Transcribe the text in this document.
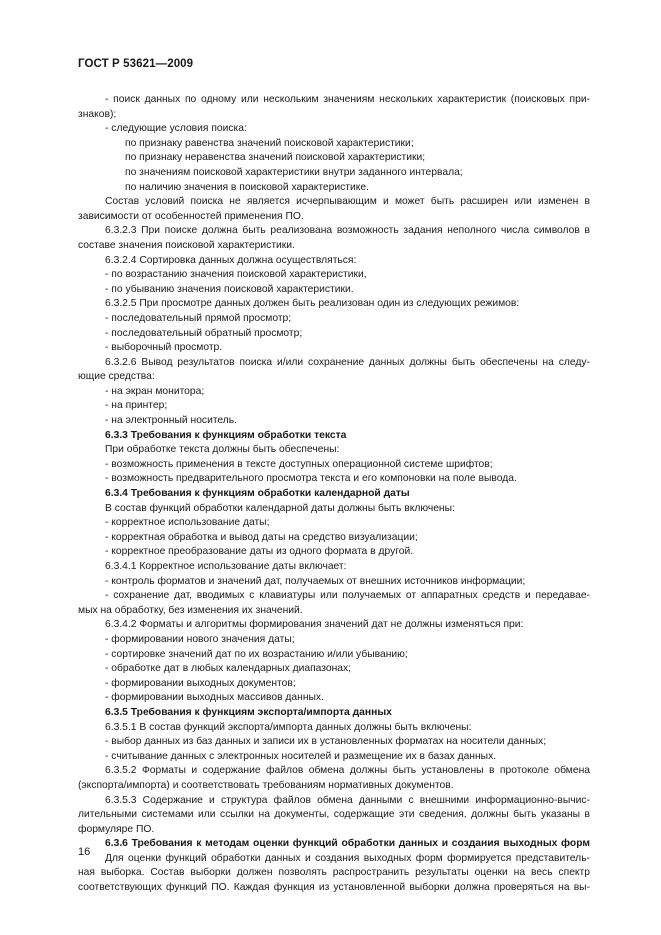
ГОСТ Р 53621—2009
- поиск данных по одному или нескольким значениям нескольких характеристик (поисковых при-
знаков);
- следующие условия поиска:
по признаку равенства значений поисковой характеристики;
по признаку неравенства значений поисковой характеристики;
по значениям поисковой характеристики внутри заданного интервала;
по наличию значения в поисковой характеристике.
Состав условий поиска не является исчерпывающим и может быть расширен или изменен в
зависимости от особенностей применения ПО.
6.3.2.3 При поиске должна быть реализована возможность задания неполного числа символов в
составе значения поисковой характеристики.
6.3.2.4 Сортировка данных должна осуществляться:
- по возрастанию значения поисковой характеристики,
- по убыванию значения поисковой характеристики.
6.3.2.5 При просмотре данных должен быть реализован один из следующих режимов:
- последовательный прямой просмотр;
- последовательный обратный просмотр;
- выборочный просмотр.
6.3.2.6 Вывод результатов поиска и/или сохранение данных должны быть обеспечены на следу-
ющие средства:
- на экран монитора;
- на принтер;
- на электронный носитель.
6.3.3 Требования к функциям обработки текста
При обработке текста должны быть обеспечены:
- возможность применения в тексте доступных операционной системе шрифтов;
- возможность предварительного просмотра текста и его компоновки на поле вывода.
6.3.4 Требования к функциям обработки календарной даты
В состав функций обработки календарной даты должны быть включены:
- корректное использование даты;
- корректная обработка и вывод даты на средство визуализации;
- корректное преобразование даты из одного формата в другой.
6.3.4.1 Корректное использование даты включает:
- контроль форматов и значений дат, получаемых от внешних источников информации;
- сохранение дат, вводимых с клавиатуры или получаемых от аппаратных средств и передавае-
мых на обработку, без изменения их значений.
6.3.4.2 Форматы и алгоритмы формирования значений дат не должны изменяться при:
- формировании нового значения даты;
- сортировке значений дат по их возрастанию и/или убыванию;
- обработке дат в любых календарных диапазонах;
- формировании выходных документов;
- формировании выходных массивов данных.
6.3.5 Требования к функциям экспорта/импорта данных
6.3.5.1 В состав функций экспорта/импорта данных должны быть включены:
- выбор данных из баз данных и записи их в установленных форматах на носители данных;
- считывание данных с электронных носителей и размещение их в базах данных.
6.3.5.2 Форматы и содержание файлов обмена должны быть установлены в протоколе обмена
(экспорта/импорта) и соответствовать требованиям нормативных документов.
6.3.5.3 Содержание и структура файлов обмена данными с внешними информационно-вычис-
лительными системами или ссылки на документы, содержащие эти сведения, должны быть указаны в
формуляре ПО.
6.3.6 Требования к методам оценки функций обработки данных и создания выходных форм
Для оценки функций обработки данных и создания выходных форм формируется представитель-
ная выборка. Состав выборки должен позволять распространить результаты оценки на весь спектр
соответствующих функций ПО. Каждая функция из установленной выборки должна проверяться на вы-
16
